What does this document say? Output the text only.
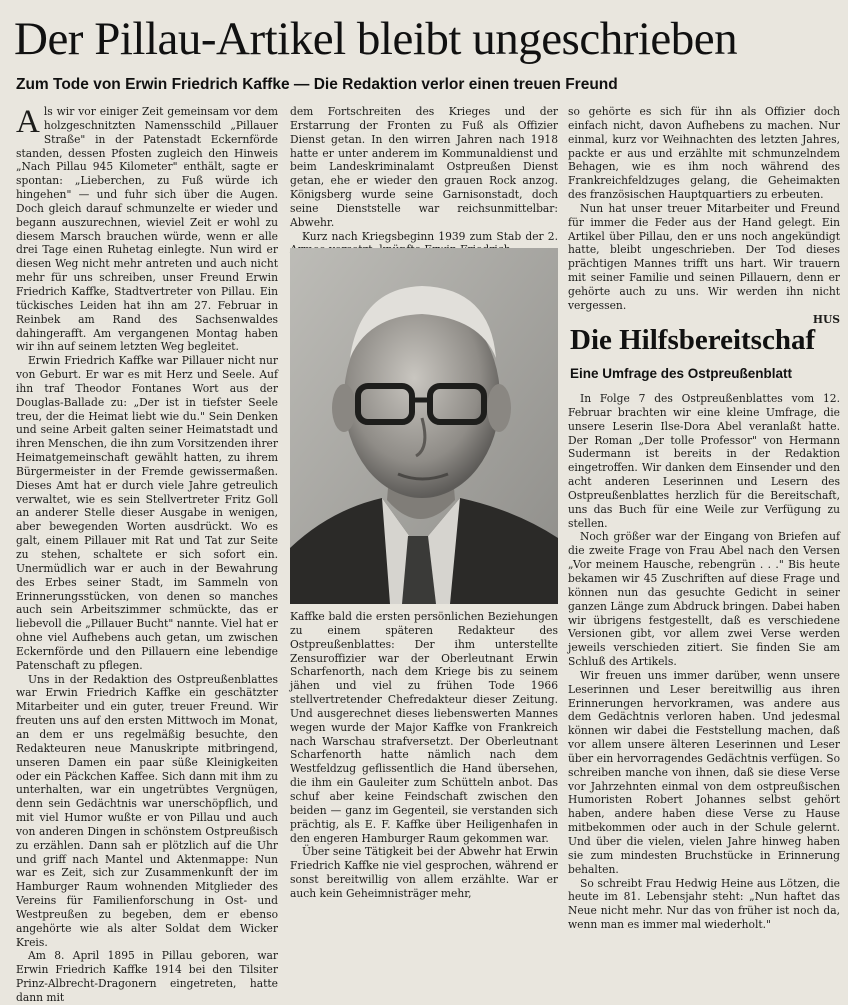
Der Pillau-Artikel bleibt ungeschrieben
Zum Tode von Erwin Friedrich Kaffke — Die Redaktion verlor einen treuen Freund

Als wir vor einiger Zeit gemeinsam vor dem holzgeschnitzten Namensschild „Pillauer Straße" in der Patenstadt Eckernförde standen, dessen Pfosten zugleich den Hinweis „Nach Pillau 945 Kilometer" enthält, sagte er spontan: „Lieberchen, zu Fuß würde ich hingehen" — und fuhr sich über die Augen. Doch gleich darauf schmunzelte er wieder und begann auszurechnen, wieviel Zeit er wohl zu diesem Marsch brauchen würde, wenn er alle drei Tage einen Ruhetag einlegte. Nun wird er diesen Weg nicht mehr antreten und auch nicht mehr für uns schreiben, unser Freund Erwin Friedrich Kaffke, Stadtvertreter von Pillau. Ein tückisches Leiden hat ihn am 27. Februar in Reinbek am Rand des Sachsenwaldes dahingerafft. Am vergangenen Montag haben wir ihn auf seinem letzten Weg begleitet.

Erwin Friedrich Kaffke war Pillauer nicht nur von Geburt. Er war es mit Herz und Seele. Auf ihn traf Theodor Fontanes Wort aus der Douglas-Ballade zu: „Der ist in tiefster Seele treu, der die Heimat liebt wie du." Sein Denken und seine Arbeit galten seiner Heimatstadt und ihren Menschen, die ihn zum Vorsitzenden ihrer Heimatgemeinschaft gewählt hatten, zu ihrem Bürgermeister in der Fremde gewissermaßen. Dieses Amt hat er durch viele Jahre getreulich verwaltet, wie es sein Stellvertreter Fritz Goll an anderer Stelle dieser Ausgabe in wenigen, aber bewegenden Worten ausdrückt. Wo es galt, einem Pillauer mit Rat und Tat zur Seite zu stehen, schaltete er sich sofort ein. Unermüdlich war er auch in der Bewahrung des Erbes seiner Stadt, im Sammeln von Erinnerungsstücken, von denen so manches auch sein Arbeitszimmer schmückte, das er liebevoll die „Pillauer Bucht" nannte. Viel hat er ohne viel Aufhebens auch getan, um zwischen Eckernförde und den Pillauern eine lebendige Patenschaft zu pflegen.

Uns in der Redaktion des Ostpreußenblattes war Erwin Friedrich Kaffke ein geschätzter Mitarbeiter und ein guter, treuer Freund. Wir freuten uns auf den ersten Mittwoch im Monat, an dem er uns regelmäßig besuchte, den Redakteuren neue Manuskripte mitbringend, unseren Damen ein paar süße Kleinigkeiten oder ein Päckchen Kaffee. Sich dann mit ihm zu unterhalten, war ein ungetrübtes Vergnügen, denn sein Gedächtnis war unerschöpflich, und mit viel Humor wußte er von Pillau und auch von anderen Dingen in schönstem Ostpreußisch zu erzählen. Dann sah er plötzlich auf die Uhr und griff nach Mantel und Aktenmappe: Nun war es Zeit, sich zur Zusammenkunft der im Hamburger Raum wohnenden Mitglieder des Vereins für Familienforschung in Ost- und Westpreußen zu begeben, dem er ebenso angehörte wie als alter Soldat dem Wicker Kreis.

Am 8. April 1895 in Pillau geboren, war Erwin Friedrich Kaffke 1914 bei den Tilsiter Prinz-Albrecht-Dragonern eingetreten, hatte dann mit

dem Fortschreiten des Krieges und der Erstarrung der Fronten zu Fuß als Offizier Dienst getan. In den wirren Jahren nach 1918 hatte er unter anderem im Kommunaldienst und beim Landeskriminalamt Ostpreußen Dienst getan, ehe er wieder den grauen Rock anzog. Königsberg wurde seine Garnisonstadt, doch seine Dienststelle war reichsunmittelbar: Abwehr.

Kurz nach Kriegsbeginn 1939 zum Stab der 2.

Kaffke bald die ersten persönlichen Beziehungen zu einem späteren Redakteur des Ostpreußenblattes: Der ihm unterstellte Zensuroffizier war der Oberleutnant Erwin Scharfenorth, nach dem Kriege bis zu seinem jähen und viel zu frühen Tode 1966 stellvertretender Chefredakteur dieser Zeitung. Und ausgerechnet dieses liebenswerten Mannes wegen wurde der Major Kaffke von Frankreich nach Warschau strafversetzt. Der Oberleutnant Scharfenorth hatte nämlich nach dem Westfeldzug geflissentlich die Hand übersehen, die ihm ein Gauleiter zum Schütteln anbot. Das schuf aber keine Feindschaft zwischen den beiden — ganz im Gegenteil, sie verstanden sich prächtig, als E. F. Kaffke über Heiligenhafen in den engeren Hamburger Raum gekommen war.

Über seine Tätigkeit bei der Abwehr hat Erwin Friedrich Kaffke nie viel gesprochen, während er sonst bereitwillig von allem erzählte. War er auch kein Geheimnisträger mehr,

so gehörte es sich für ihn als Offizier doch einfach nicht, davon Aufhebens zu machen. Nur einmal, kurz vor Weihnachten des letzten Jahres, packte er aus und erzählte mit schmunzelndem Behagen, wie es ihm noch während des Frankreichfeldzuges gelang, die Geheimakten des französischen Hauptquartiers zu erbeuten.

Nun hat unser treuer Mitarbeiter und Freund für immer die Feder aus der Hand gelegt. Ein Artikel über Pillau, den er uns noch angekündigt hatte, bleibt ungeschrieben. Der Tod dieses prächtigen Mannes trifft uns hart. Wir trauern mit seiner Familie und seinen Pillauern, denn er gehörte auch zu uns. Wir werden ihn nicht vergessen.

HUS
Die Hilfsbereitschaf
Eine Umfrage des Ostpreußenblatt

In Folge 7 des Ostpreußenblattes vom 12. Februar brachten wir eine kleine Umfrage, die unsere Leserin Ilse-Dora Abel veranlaßt hatte. Der Roman „Der tolle Professor" von Hermann Sudermann ist bereits in der Redaktion eingetroffen. Wir danken dem Einsender und den acht anderen Leserinnen und Lesern des Ostpreußenblattes herzlich für die Bereitschaft, uns das Buch für eine Weile zur Verfügung zu stellen.

Noch größer war der Eingang von Briefen auf die zweite Frage von Frau Abel nach den Versen „Vor meinem Hausche, rebengrün . . ." Bis heute bekamen wir 45 Zuschriften auf diese Frage und können nun das gesuchte Gedicht in seiner ganzen Länge zum Abdruck bringen. Dabei haben wir übrigens festgestellt, daß es verschiedene Versionen gibt, vor allem zwei Verse werden jeweils verschieden zitiert. Sie finden Sie am Schluß des Artikels.

Wir freuen uns immer darüber, wenn unsere Leserinnen und Leser bereitwillig aus ihren Erinnerungen hervorkramen, was andere aus dem Gedächtnis verloren haben. Und jedesmal können wir dabei die Feststellung machen, daß vor allem unsere älteren Leserinnen und Leser über ein hervorragendes Gedächtnis verfügen. So schreiben manche von ihnen, daß sie diese Verse vor Jahrzehnten einmal von dem ostpreußischen Humoristen Robert Johannes selbst gehört haben, andere haben diese Verse zu Hause mitbekommen oder auch in der Schule gelernt. Und über die vielen, vielen Jahre hinweg haben sie zum mindesten Bruchstücke in Erinnerung behalten.

So schreibt Frau Hedwig Heine aus Lötzen, die heute im 81. Lebensjahr steht: „Nun haftet das Neue nicht mehr. Nur das von früher ist noch da, wenn man es immer mal wiederholt."
